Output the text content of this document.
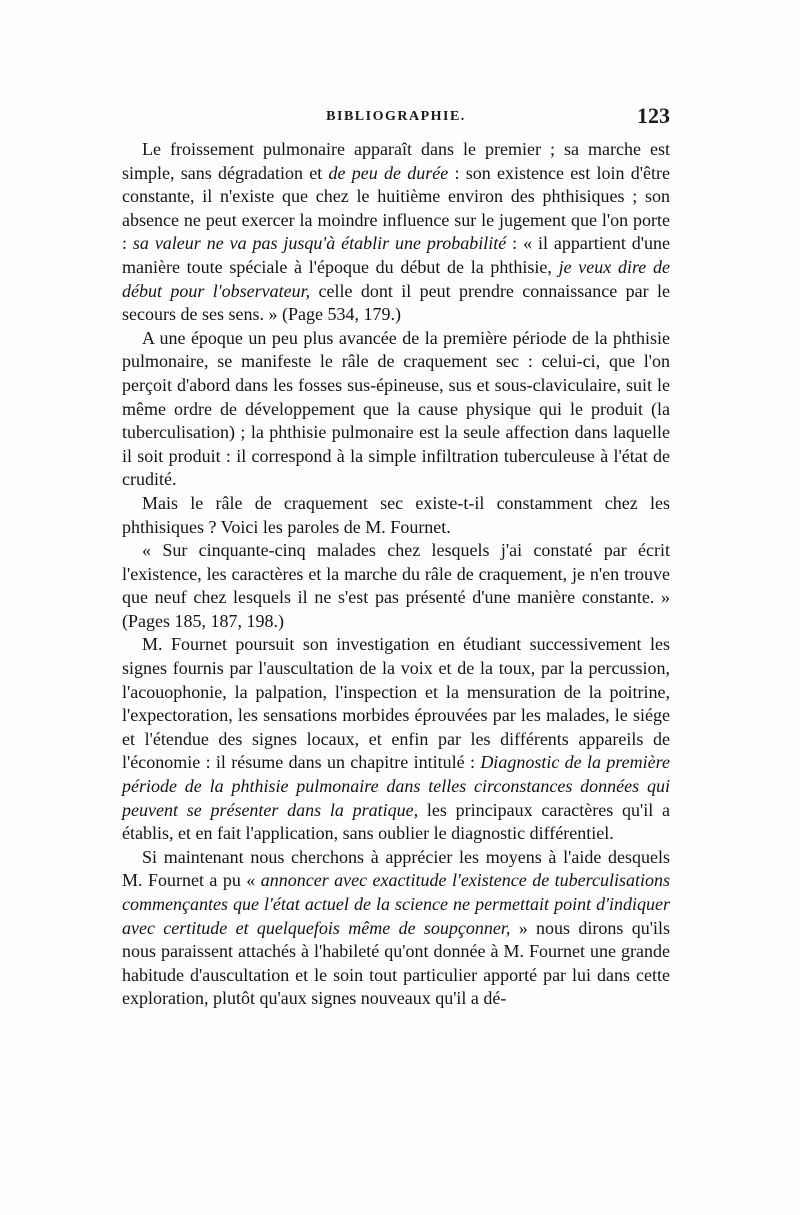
BIBLIOGRAPHIE.	123

Le froissement pulmonaire apparaît dans le premier ; sa marche est simple, sans dégradation et de peu de durée : son existence est loin d'être constante, il n'existe que chez le huitième environ des phthisiques ; son absence ne peut exercer la moindre influence sur le jugement que l'on porte : sa valeur ne va pas jusqu'à établir une probabilité : « il appartient d'une manière toute spéciale à l'époque du début de la phthisie, je veux dire de début pour l'observateur, celle dont il peut prendre connaissance par le secours de ses sens. » (Page 534, 179.)

A une époque un peu plus avancée de la première période de la phthisie pulmonaire, se manifeste le râle de craquement sec : celui-ci, que l'on perçoit d'abord dans les fosses sus-épineuse, sus et sous-claviculaire, suit le même ordre de développement que la cause physique qui le produit (la tuberculisation) ; la phthisie pulmonaire est la seule affection dans laquelle il soit produit : il correspond à la simple infiltration tuberculeuse à l'état de crudité.

Mais le râle de craquement sec existe-t-il constamment chez les phthisiques ? Voici les paroles de M. Fournet.

« Sur cinquante-cinq malades chez lesquels j'ai constaté par écrit l'existence, les caractères et la marche du râle de craquement, je n'en trouve que neuf chez lesquels il ne s'est pas présenté d'une manière constante. » (Pages 185, 187, 198.)

M. Fournet poursuit son investigation en étudiant successivement les signes fournis par l'auscultation de la voix et de la toux, par la percussion, l'acouophonie, la palpation, l'inspection et la mensuration de la poitrine, l'expectoration, les sensations morbides éprouvées par les malades, le siége et l'étendue des signes locaux, et enfin par les différents appareils de l'économie : il résume dans un chapitre intitulé : Diagnostic de la première période de la phthisie pulmonaire dans telles circonstances données qui peuvent se présenter dans la pratique, les principaux caractères qu'il a établis, et en fait l'application, sans oublier le diagnostic différentiel.

Si maintenant nous cherchons à apprécier les moyens à l'aide desquels M. Fournet a pu « annoncer avec exactitude l'existence de tuberculisations commençantes que l'état actuel de la science ne permettait point d'indiquer avec certitude et quelquefois même de soupçonner, » nous dirons qu'ils nous paraissent attachés à l'habileté qu'ont donnée à M. Fournet une grande habitude d'auscultation et le soin tout particulier apporté par lui dans cette exploration, plutôt qu'aux signes nouveaux qu'il a dé-
